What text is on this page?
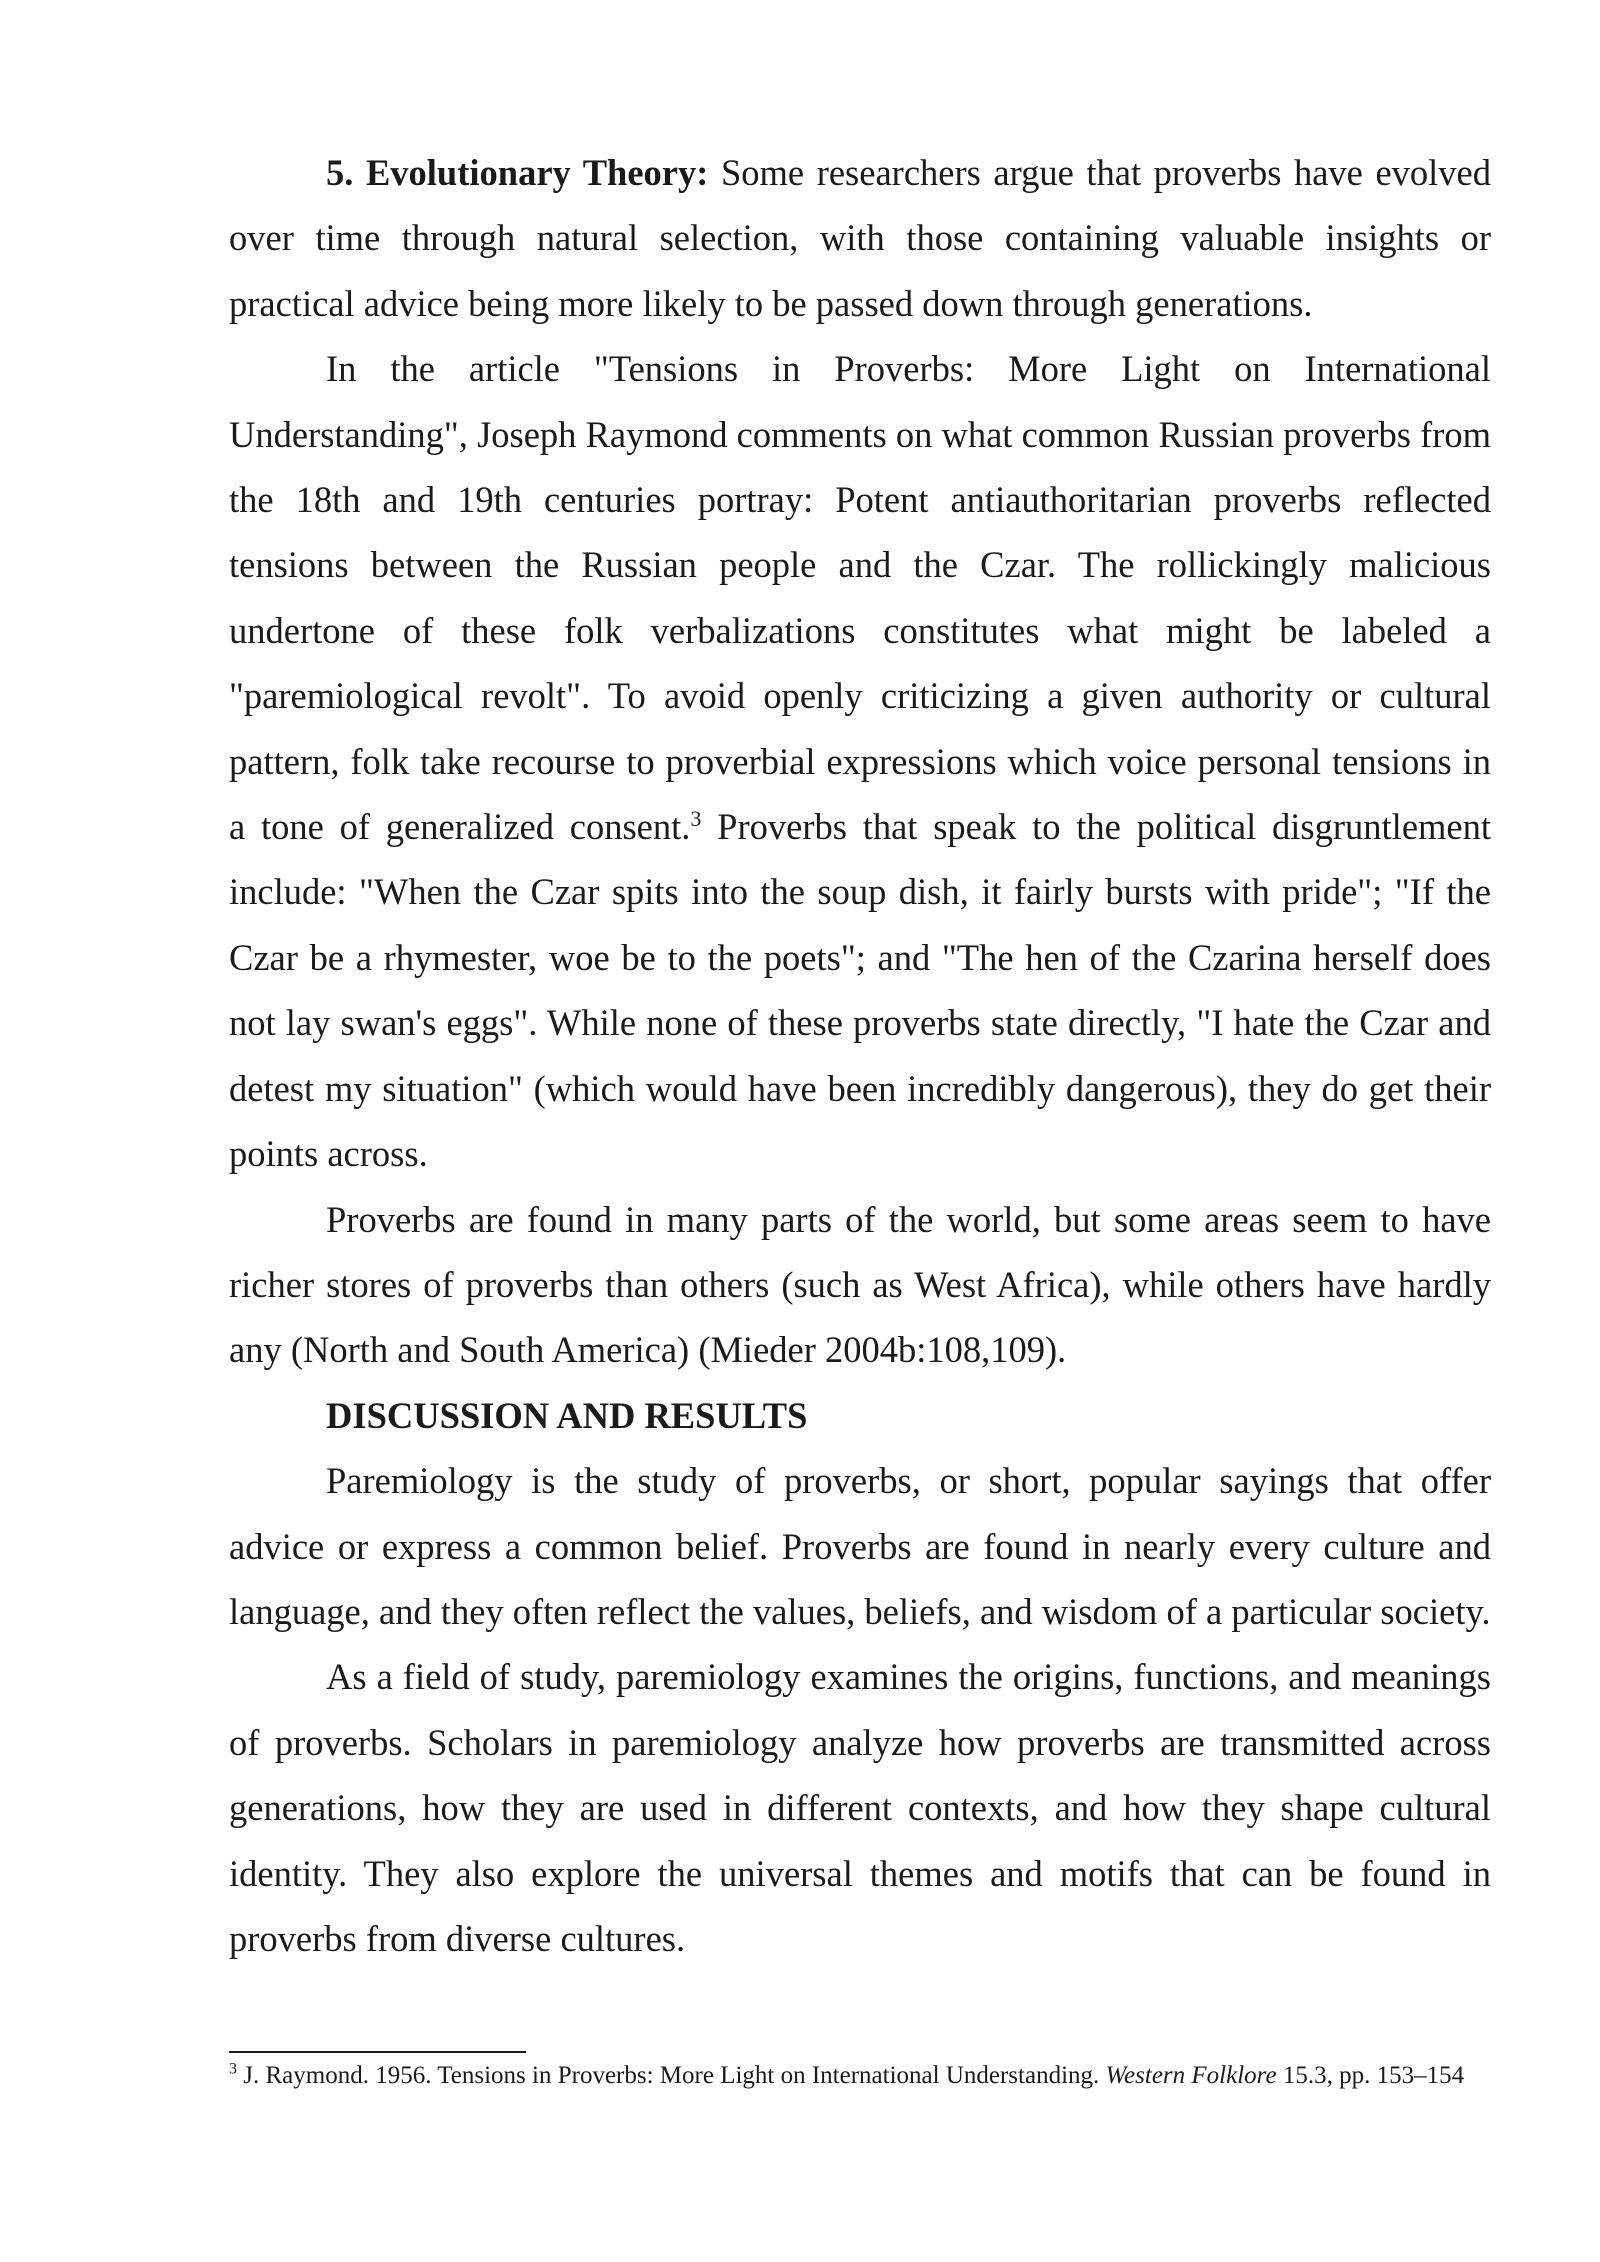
5. Evolutionary Theory: Some researchers argue that proverbs have evolved over time through natural selection, with those containing valuable insights or practical advice being more likely to be passed down through generations.

In the article "Tensions in Proverbs: More Light on International Understanding", Joseph Raymond comments on what common Russian proverbs from the 18th and 19th centuries portray: Potent antiauthoritarian proverbs reflected tensions between the Russian people and the Czar. The rollickingly malicious undertone of these folk verbalizations constitutes what might be labeled a "paremiological revolt". To avoid openly criticizing a given authority or cultural pattern, folk take recourse to proverbial expressions which voice personal tensions in a tone of generalized consent.$^3$ Proverbs that speak to the political disgruntlement include: "When the Czar spits into the soup dish, it fairly bursts with pride"; "If the Czar be a rhymester, woe be to the poets"; and "The hen of the Czarina herself does not lay swan's eggs". While none of these proverbs state directly, "I hate the Czar and detest my situation" (which would have been incredibly dangerous), they do get their points across.

Proverbs are found in many parts of the world, but some areas seem to have richer stores of proverbs than others (such as West Africa), while others have hardly any (North and South America) (Mieder 2004b:108,109).

DISCUSSION AND RESULTS

Paremiology is the study of proverbs, or short, popular sayings that offer advice or express a common belief. Proverbs are found in nearly every culture and language, and they often reflect the values, beliefs, and wisdom of a particular society.

As a field of study, paremiology examines the origins, functions, and meanings of proverbs. Scholars in paremiology analyze how proverbs are transmitted across generations, how they are used in different contexts, and how they shape cultural identity. They also explore the universal themes and motifs that can be found in proverbs from diverse cultures.

$^3$ J. Raymond. 1956. Tensions in Proverbs: More Light on International Understanding. Western Folklore 15.3, pp. 153–154
